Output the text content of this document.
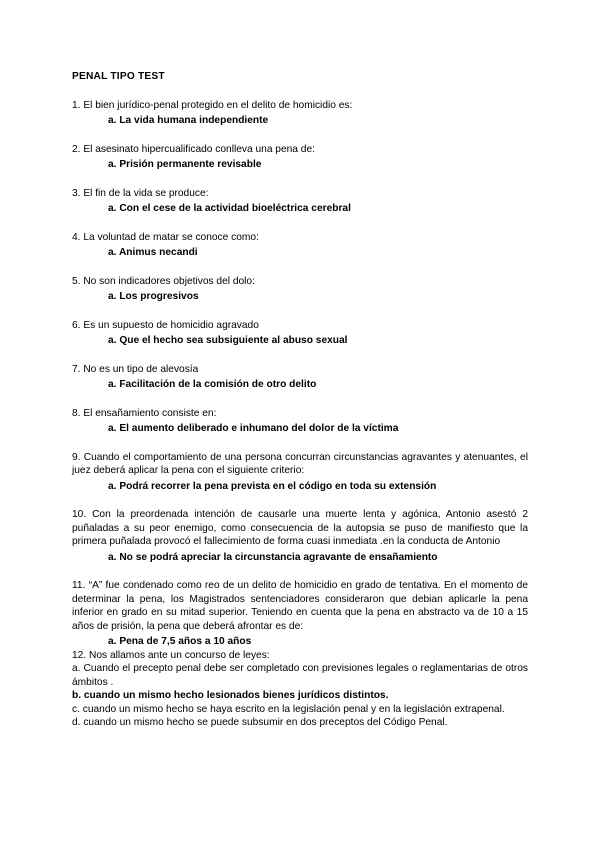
PENAL TIPO TEST
1. El bien jurídico-penal protegido en el delito de homicidio es:
a. La vida humana independiente
2. El asesinato hipercualificado conlleva una pena de:
a. Prisión permanente revisable
3. El fin de la vida se produce:
a. Con el cese de la actividad bioeléctrica cerebral
4. La voluntad de matar se conoce como:
a. Animus necandi
5. No son indicadores objetivos del dolo:
a. Los progresivos
6. Es un supuesto de homicidio agravado
a. Que el hecho sea subsiguiente al abuso sexual
7. No es un tipo de alevosía
a. Facilitación de la comisión de otro delito
8. El ensañamiento consiste en:
a. El aumento deliberado e inhumano del dolor de la víctima
9. Cuando el comportamiento de una persona concurran circunstancias agravantes y atenuantes, el juez deberá aplicar la pena con el siguiente criterio:
a. Podrá recorrer la pena prevista en el código en toda su extensión
10. Con la preordenada intención de causarle una muerte lenta y agónica, Antonio asestó 2 puñaladas a su peor enemigo, como consecuencia de la autopsia se puso de manifiesto que la primera puñalada provocó el fallecimiento de forma cuasi inmediata .en la conducta de Antonio
a. No se podrá apreciar la circunstancia agravante de ensañamiento
11. “A” fue condenado como reo de un delito de homicidio en grado de tentativa. En el momento de determinar la pena, los Magistrados sentenciadores consideraron que debian aplicarle la pena inferior en grado en su mitad superior. Teniendo en cuenta que la pena en abstracto va de 10 a 15 años de prisión, la pena que deberá afrontar es de:
a. Pena de 7,5 años a 10 años
12. Nos allamos ante un concurso de leyes:
a. Cuando el precepto penal debe ser completado con previsiones legales o reglamentarias de otros ámbitos .
b. cuando un mismo hecho lesionados bienes jurídicos distintos.
c. cuando un mismo hecho se haya escrito en la legislación penal y en la legislación extrapenal.
d. cuando un mismo hecho se puede subsumir en dos preceptos del Código Penal.
